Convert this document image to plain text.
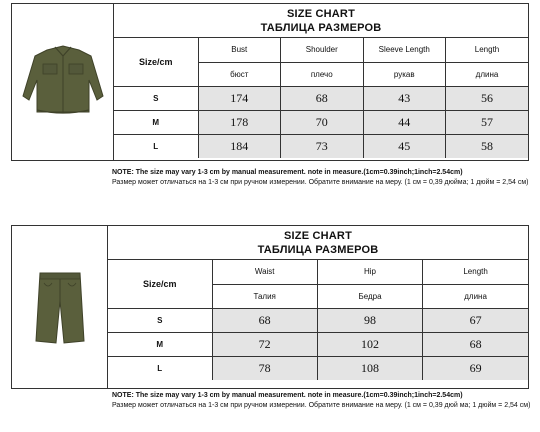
SIZE CHART
ТАБЛИЦА РАЗМЕРОВ
Size/cm	Bust	Shoulder	Sleeve Length	Length
	бюст	плечо	рукав	длина
S	174	68	43	56
M	178	70	44	57
L	184	73	45	58
NOTE: The size may vary 1-3 cm by manual measurement. note in measure.(1cm=0.39inch;1inch=2.54cm)
Размер может отличаться на 1-3 см при ручном измерении. Обратите внимание на меру. (1 см = 0,39 дюйма; 1 дюйм = 2,54 см)
SIZE CHART
ТАБЛИЦА РАЗМЕРОВ
Size/cm	Waist	Hip	Length
	Талия	Бедра	длина
S	68	98	67
M	72	102	68
L	78	108	69
NOTE: The size may vary 1-3 cm by manual measurement. note in measure.(1cm=0.39inch;1inch=2.54cm)
Размер может отличаться на 1-3 см при ручном измерении. Обратите внимание на меру. (1 см = 0,39 дюй ма; 1 дюйм = 2,54 см)
